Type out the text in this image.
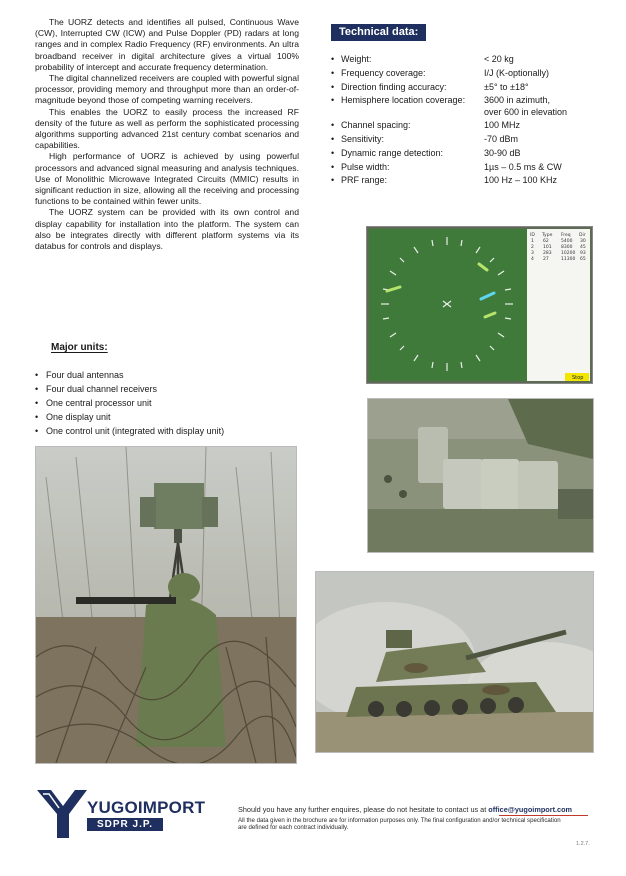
The UORZ detects and identifies all pulsed, Continuous Wave (CW), Interrupted CW (ICW) and Pulse Doppler (PD) radars at long ranges and in complex Radio Frequency (RF) environments. An ultra broadband receiver in digital architecture gives a virtual 100% probability of intercept and accurate frequency determination.

The digital channelized receivers are coupled with powerful signal processor, providing memory and throughput more than an order-of-magnitude beyond those of competing warning receivers.

This enables the UORZ to easily process the increased RF density of the future as well as perform the sophisticated processing algorithms supporting advanced 21st century combat scenarios and capabilities.

High performance of UORZ is achieved by using powerful processors and advanced signal measuring and analysis techniques. Use of Monolithic Microwave Integrated Circuits (MMIC) results in significant reduction in size, allowing all the receiving and processing functions to be contained within fewer units.

The UORZ system can be provided with its own control and display capability for installation into the platform. The system can also be integrates directly with different platform systems via its databus for controls and displays.

Technical data:
• Weight:	< 20 kg
• Frequency coverage:	I/J (K-optionally)
• Direction finding accuracy:	±5° to ±18°
• Hemisphere location coverage: 3600 in azimuth,
over 600 in elevation
• Channel spacing:	100 MHz
• Sensitivity:	-70 dBm
• Dynamic range detection:	30-90 dB
• Pulse width:	1µs – 0.5 ms & CW
• PRF range:	100 Hz – 100 KHz
Major units:
• Four dual antennas
• Four dual channel receivers
• One central processor unit
• One display unit
• One control unit (integrated with display unit)
ID Type Freq Dir
1 62	5400 30
2 101 8300 45
3 283 10200 93
4 27	11300 65
Stop
YUGOIMPORT
SDPR J.P.
Should you have any further enquires, please do not hesitate to contact us at office@yugoimport.com
All the data given in the brochure are for information purposes only. The final configuration and/or technical specification are defined for each contract individually.
1.2.7.
